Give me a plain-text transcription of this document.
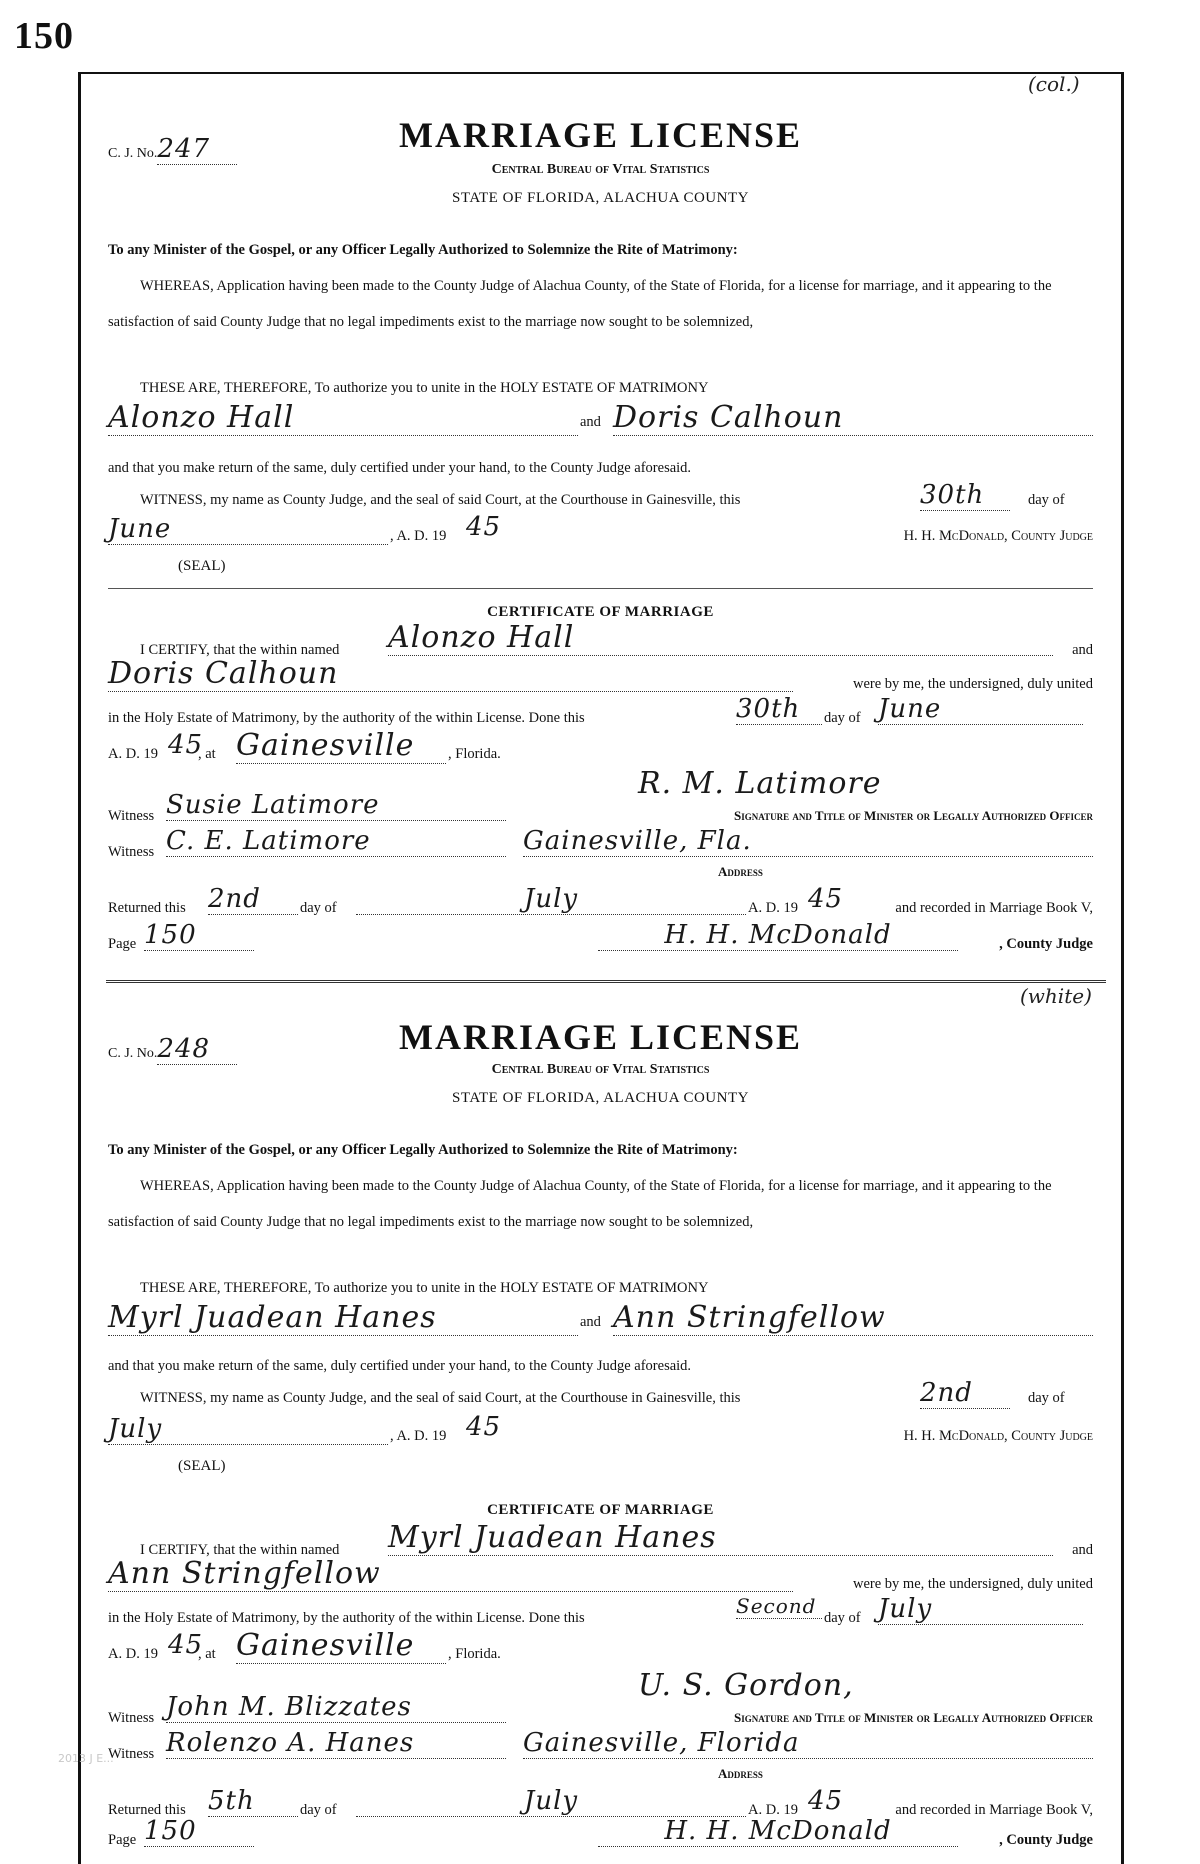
150
2013 J E...
(col.)
C. J. No.247	MARRIAGE LICENSE
Central Bureau of Vital Statistics
STATE OF FLORIDA, ALACHUA COUNTY
To any Minister of the Gospel, or any Officer Legally Authorized to Solemnize the Rite of Matrimony:
WHEREAS, Application having been made to the County Judge of Alachua County, of the State of Florida, for a license for marriage, and it appearing to the satisfaction of said County Judge that no legal impediments exist to the marriage now sought to be solemnized,
THESE ARE, THEREFORE, To authorize you to unite in the HOLY ESTATE OF MATRIMONY
Alonzo Hall	and Doris Calhoun
and that you make return of the same, duly certified under your hand, to the County Judge aforesaid.
WITNESS, my name as County Judge, and the seal of said Court, at the Courthouse in Gainesville, this	30th	day of
June	, A. D. 19 45	H. H. McDonald, County Judge
(SEAL)
CERTIFICATE OF MARRIAGE
I CERTIFY, that the within named Alonzo Hall	and
Doris Calhoun	were by me, the undersigned, duly united
in the Holy Estate of Matrimony, by the authority of the within License. Done this	30th	day of June
A. D. 19 45
, at Gainesville	, Florida.
R. M. Latimore
Witness Susie Latimore	Signature and Title of Minister or Legally Authorized Officer
Witness C. E. Latimore	Gainesville, Fla.
Address
Returned this 2nd	day of	July	A. D. 19 45	and recorded in Marriage Book V,
Page 150	H. H. McDonald	, County Judge
(white)
C. J. No.248	MARRIAGE LICENSE
Central Bureau of Vital Statistics
STATE OF FLORIDA, ALACHUA COUNTY
To any Minister of the Gospel, or any Officer Legally Authorized to Solemnize the Rite of Matrimony:
WHEREAS, Application having been made to the County Judge of Alachua County, of the State of Florida, for a license for marriage, and it appearing to the satisfaction of said County Judge that no legal impediments exist to the marriage now sought to be solemnized,
THESE ARE, THEREFORE, To authorize you to unite in the HOLY ESTATE OF MATRIMONY
Myrl Juadean Hanes	and Ann Stringfellow
and that you make return of the same, duly certified under your hand, to the County Judge aforesaid.
WITNESS, my name as County Judge, and the seal of said Court, at the Courthouse in Gainesville, this	2nd	day of
July	, A. D. 19 45	H. H. McDonald, County Judge
(SEAL)
CERTIFICATE OF MARRIAGE
I CERTIFY, that the within named Myrl Juadean Hanes	and
Ann Stringfellow	were by me, the undersigned, duly united
in the Holy Estate of Matrimony, by the authority of the within License. Done this	Second day of July
A. D. 19 45
, at Gainesville	, Florida.
U. S. Gordon,
Witness John M. Blizzates	Signature and Title of Minister or Legally Authorized Officer
Witness Rolenzo A. Hanes	Gainesville, Florida
Address
Returned this 5th	day of	July	A. D. 19 45	and recorded in Marriage Book V,
Page 150	H. H. McDonald	, County Judge
